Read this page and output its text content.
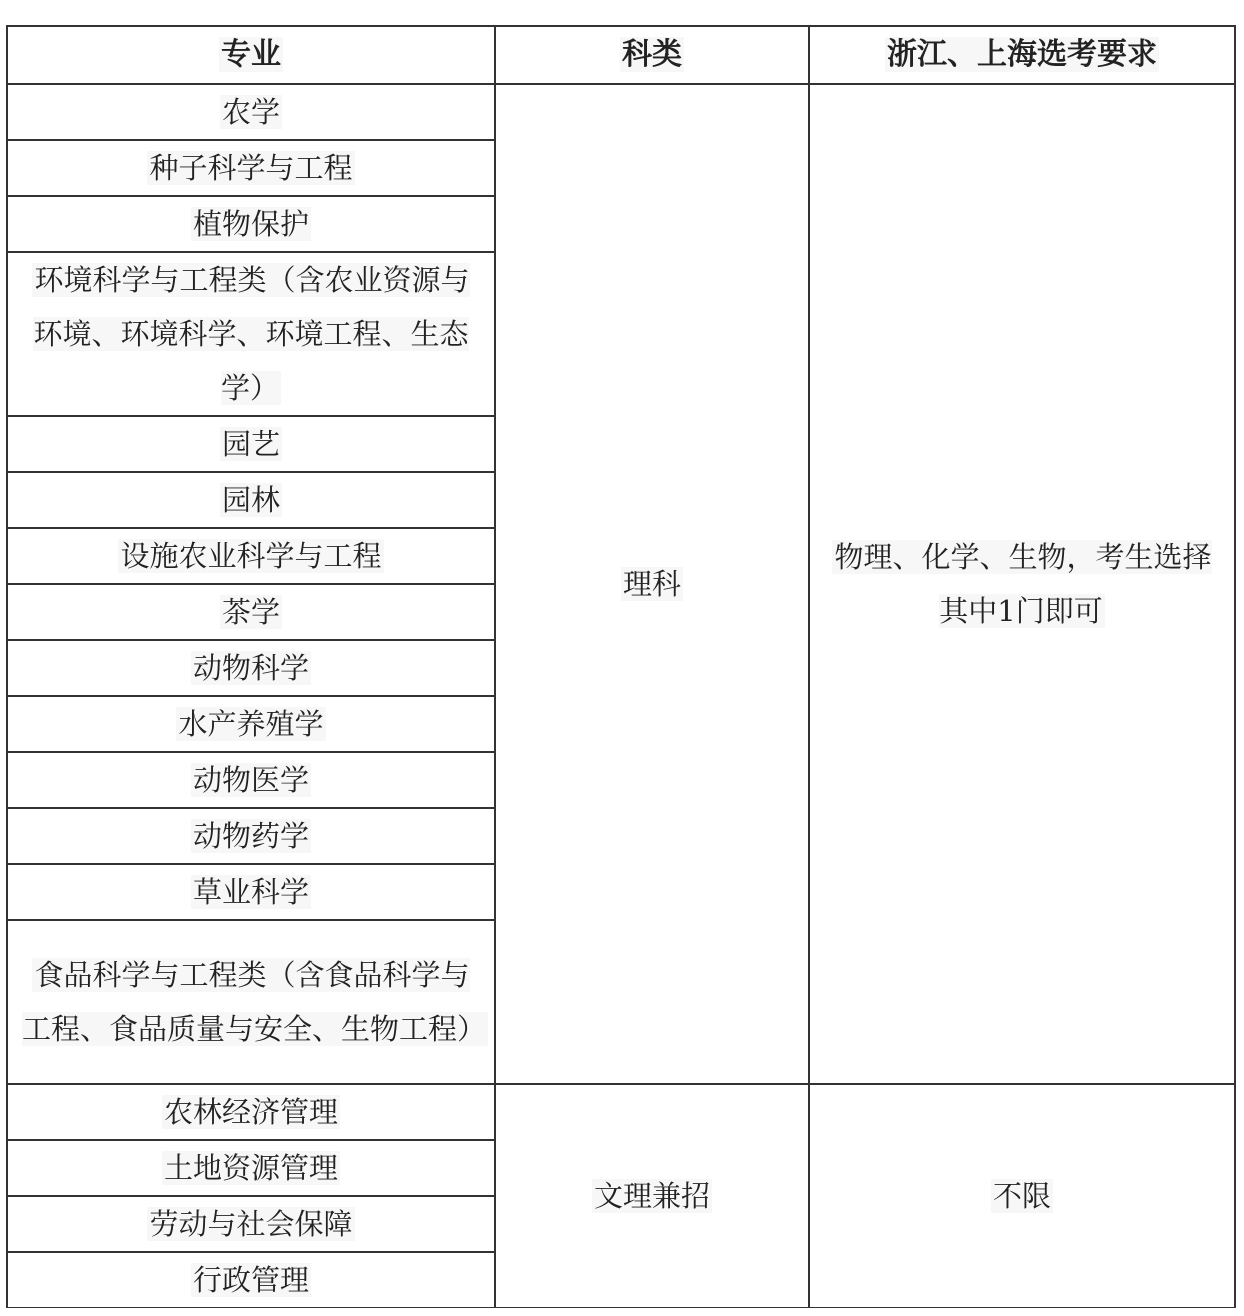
专业	科类	浙江、上海选考要求
农学	理科	物理、化学、生物，考生选择其中1门即可
种子科学与工程		
植物保护		
环境科学与工程类（含农业资源与环境、环境科学、环境工程、生态学）		
园艺		
园林		
设施农业科学与工程		
茶学		
动物科学		
水产养殖学		
动物医学		
动物药学		
草业科学		
食品科学与工程类（含食品科学与工程、食品质量与安全、生物工程）		
农林经济管理	文理兼招	不限
土地资源管理		
劳动与社会保障		
行政管理		
